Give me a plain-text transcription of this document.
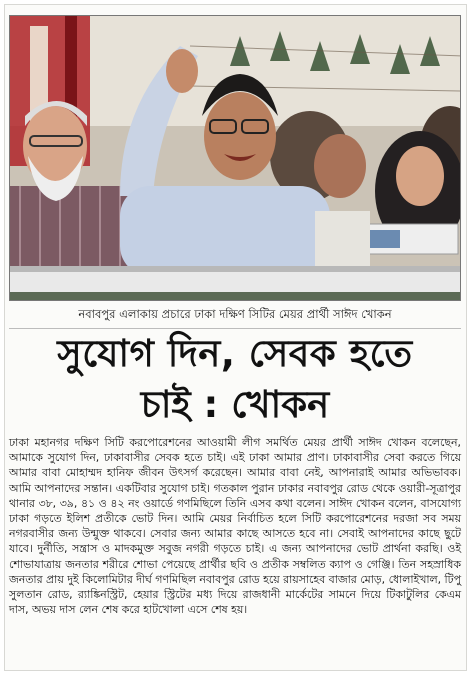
নবাবপুর এলাকায় প্রচারে ঢাকা দক্ষিণ সিটির মেয়র প্রার্থী সাঈদ খোকন
সুযোগ দিন, সেবক হতে
চাই : খোকন

ঢাকা মহানগর দক্ষিণ সিটি করপোরেশনের আওয়ামী লীগ সমর্থিত মেয়র প্রার্থী সাঈদ খোকন বলেছেন, আমাকে সুযোগ দিন, ঢাকাবাসীর সেবক হতে চাই। এই ঢাকা আমার প্রাণ। ঢাকাবাসীর সেবা করতে গিয়ে আমার বাবা মোহাম্মদ হানিফ জীবন উৎসর্গ করেছেন। আমার বাবা নেই, আপনারাই আমার অভিভাবক। আমি আপনাদের সন্তান। একটিবার সুযোগ চাই। গতকাল পুরান ঢাকার নবাবপুর রোড থেকে ওয়ারী-সূত্রাপুর থানার ৩৮, ৩৯, ৪১ ও ৪২ নং ওয়ার্ডে গণমিছিলে তিনি এসব কথা বলেন। সাঈদ খোকন বলেন, বাসযোগ্য ঢাকা গড়তে ইলিশ প্রতীকে ভোট দিন। আমি মেয়র নির্বাচিত হলে সিটি করপোরেশনের দরজা সব সময় নগরবাসীর জন্য উন্মুক্ত থাকবে। সেবার জন্য আমার কাছে আসতে হবে না। সেবাই আপনাদের কাছে ছুটে যাবে। দুর্নীতি, সন্ত্রাস ও মাদকমুক্ত সবুজ নগরী গড়তে চাই। এ জন্য আপনাদের ভোট প্রার্থনা করছি। ওই শোভাযাত্রায় জনতার শরীরে শোভা পেয়েছে প্রার্থীর ছবি ও প্রতীক সম্বলিত ক্যাপ ও গেঞ্জি। তিন সহস্রাধিক জনতার প্রায় দুই কিলোমিটার দীর্ঘ গণমিছিল নবাবপুর রোড হয়ে রায়সাহেব বাজার মোড়, ধোলাইখাল, টিপু সুলতান রোড, র‍্যাঙ্কিনস্ট্রিট, হেয়ার স্ট্রিটের মধ্য দিয়ে রাজধানী মার্কেটের সামনে দিয়ে টিকাটুলির কেএম দাস, অভয় দাস লেন শেষ করে হাটখোলা এসে শেষ হয়।
